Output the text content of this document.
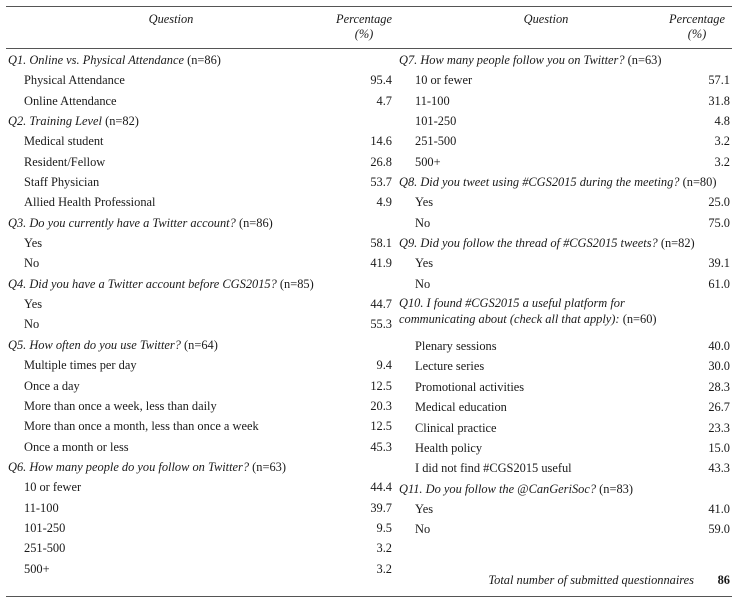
Question	Percentage
(%)
Question	Percentage
(%)
Q1. Online vs. Physical Attendance (n=86)
Physical Attendance	95.4
Online Attendance	4.7
Q2. Training Level (n=82)
Medical student	14.6
Resident/Fellow	26.8
Staff Physician	53.7
Allied Health Professional	4.9
Q3. Do you currently have a Twitter account? (n=86)
Yes	58.1
No	41.9
Q4. Did you have a Twitter account before CGS2015? (n=85)
Yes	44.7
No	55.3
Q5. How often do you use Twitter? (n=64)
Multiple times per day	9.4
Once a day	12.5
More than once a week, less than daily	20.3
More than once a month, less than once a week	12.5
Once a month or less	45.3
Q6. How many people do you follow on Twitter? (n=63)
10 or fewer	44.4
11-100	39.7
101-250	9.5
251-500	3.2
500+	3.2
Q7. How many people follow you on Twitter? (n=63)
10 or fewer	57.1
11-100	31.8
101-250	4.8
251-500	3.2
500+	3.2
Q8. Did you tweet using #CGS2015 during the meeting? (n=80)
Yes	25.0
No	75.0
Q9. Did you follow the thread of #CGS2015 tweets? (n=82)
Yes	39.1
No	61.0
Q10. I found #CGS2015 a useful platform for communicating about (check all that apply): (n=60)
Plenary sessions	40.0
Lecture series	30.0
Promotional activities	28.3
Medical education	26.7
Clinical practice	23.3
Health policy	15.0
I did not find #CGS2015 useful	43.3
Q11. Do you follow the @CanGeriSoc? (n=83)
Yes	41.0
No	59.0
Total number of submitted questionnaires 86
